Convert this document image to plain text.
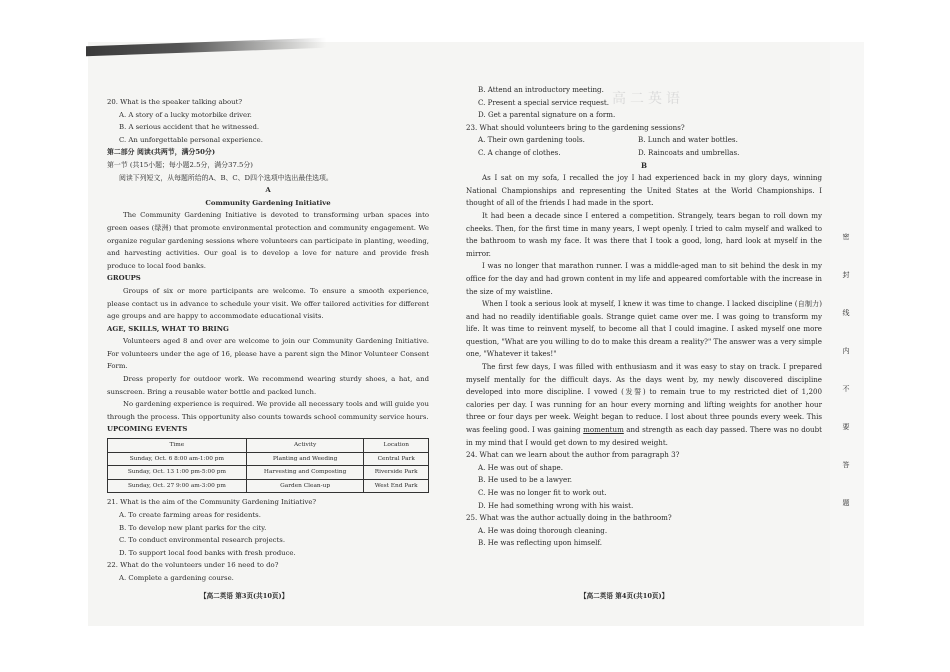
高二英语

20. What is the speaker talking about?

A. A story of a lucky motorbike driver.

B. A serious accident that he witnessed.

C. An unforgettable personal experience.

第二部分 阅读(共两节，满分50分)

第一节 (共15小题；每小题2.5分，满分37.5分)

阅读下列短文，从每题所给的A、B、C、D四个选项中选出最佳选项。

A

Community Gardening Initiative

The Community Gardening Initiative is devoted to transforming urban spaces into green oases (绿洲) that promote environmental protection and community engagement. We organize regular gardening sessions where volunteers can participate in planting, weeding, and harvesting activities. Our goal is to develop a love for nature and provide fresh produce to local food banks.

GROUPS

Groups of six or more participants are welcome. To ensure a smooth experience, please contact us in advance to schedule your visit. We offer tailored activities for different age groups and are happy to accommodate educational visits.

AGE, SKILLS, WHAT TO BRING

Volunteers aged 8 and over are welcome to join our Community Gardening Initiative. For volunteers under the age of 16, please have a parent sign the Minor Volunteer Consent Form.

Dress properly for outdoor work. We recommend wearing sturdy shoes, a hat, and sunscreen. Bring a reusable water bottle and packed lunch.

No gardening experience is required. We provide all necessary tools and will guide you through the process. This opportunity also counts towards school community service hours.

UPCOMING EVENTS

Time	Activity	Location
Sunday, Oct. 6 8:00 am-1:00 pm	Planting and Weeding	Central Park
Sunday, Oct. 13 1:00 pm-5:00 pm	Harvesting and Composting	Riverside Park
Sunday, Oct. 27 9:00 am-3:00 pm	Garden Clean-up	West End Park

21. What is the aim of the Community Gardening Initiative?

A. To create farming areas for residents.

B. To develop new plant parks for the city.

C. To conduct environmental research projects.

D. To support local food banks with fresh produce.

22. What do the volunteers under 16 need to do?

A. Complete a gardening course.

【高二英语 第3页(共10页)】

B. Attend an introductory meeting.

C. Present a special service request.

D. Get a parental signature on a form.

23. What should volunteers bring to the gardening sessions?

A. Their own gardening tools.	B. Lunch and water bottles.
C. A change of clothes.	D. Raincoats and umbrellas.

B

As I sat on my sofa, I recalled the joy I had experienced back in my glory days, winning National Championships and representing the United States at the World Championships. I thought of all of the friends I had made in the sport.

It had been a decade since I entered a competition. Strangely, tears began to roll down my cheeks. Then, for the first time in many years, I wept openly. I tried to calm myself and walked to the bathroom to wash my face. It was there that I took a good, long, hard look at myself in the mirror.

I was no longer that marathon runner. I was a middle-aged man to sit behind the desk in my office for the day and had grown content in my life and appeared comfortable with the increase in the size of my waistline.

When I took a serious look at myself, I knew it was time to change. I lacked discipline (自制力) and had no readily identifiable goals. Strange quiet came over me. I was going to transform my life. It was time to reinvent myself, to become all that I could imagine. I asked myself one more question, "What are you willing to do to make this dream a reality?" The answer was a very simple one, "Whatever it takes!"

The first few days, I was filled with enthusiasm and it was easy to stay on track. I prepared myself mentally for the difficult days. As the days went by, my newly discovered discipline developed into more discipline. I vowed (发誓) to remain true to my restricted diet of 1,200 calories per day. I was running for an hour every morning and lifting weights for another hour three or four days per week. Weight began to reduce. I lost about three pounds every week. This was feeling good. I was gaining momentum and strength as each day passed. There was no doubt in my mind that I would get down to my desired weight.

24. What can we learn about the author from paragraph 3?

A. He was out of shape.

B. He used to be a lawyer.

C. He was no longer fit to work out.

D. He had something wrong with his waist.

25. What was the author actually doing in the bathroom?

A. He was doing thorough cleaning.

B. He was reflecting upon himself.

【高二英语 第4页(共10页)】
密
封
线
内
不
要
答
题
